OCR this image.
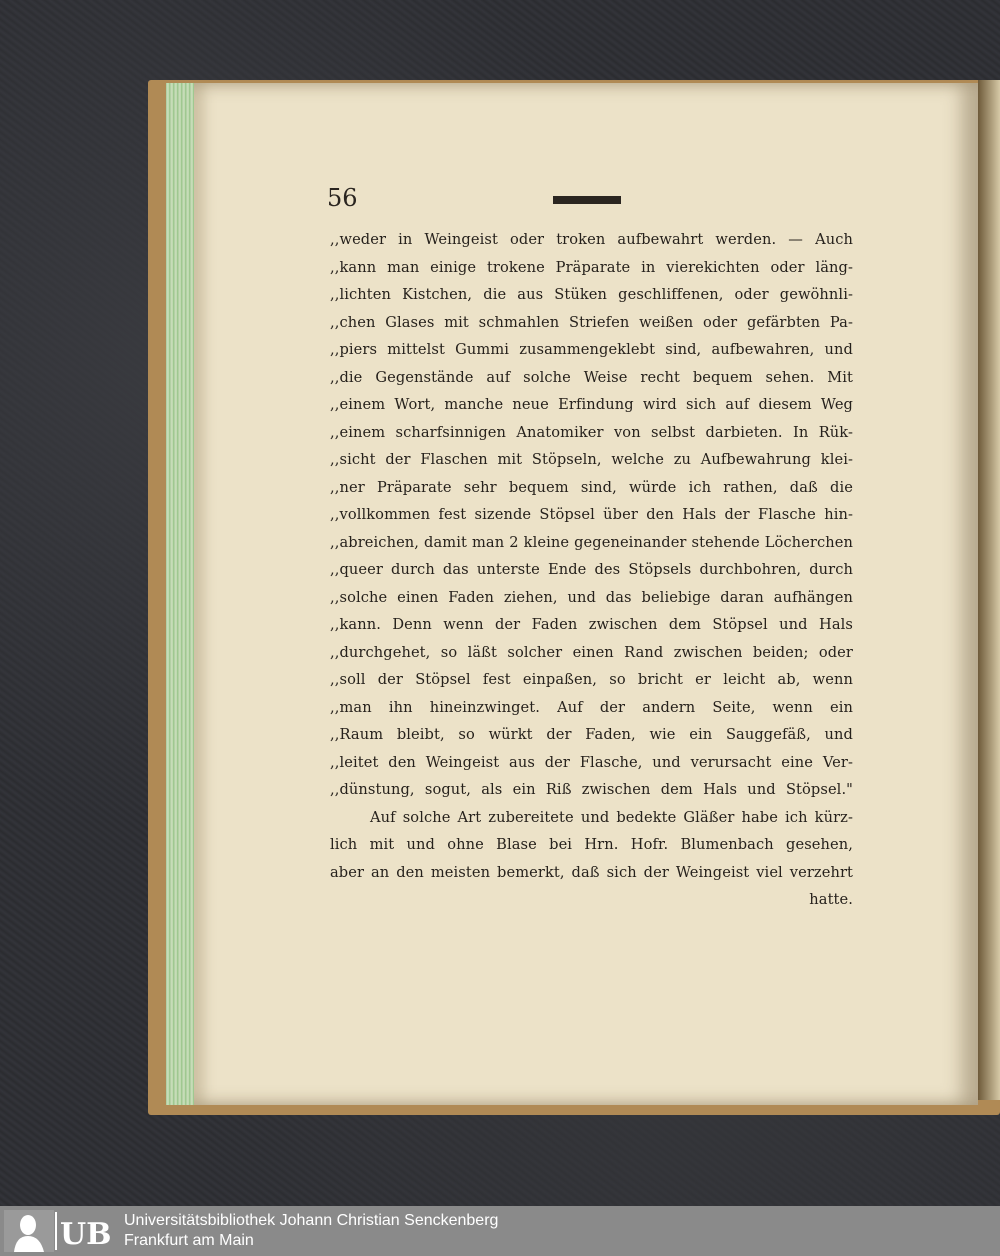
56
,,weder in Weingeist oder troken aufbewahrt werden. — Auch
,,kann man einige trokene Präparate in vierekichten oder läng-
,,lichten Kistchen, die aus Stüken geschliffenen, oder gewöhnli-
,,chen Glases mit schmahlen Striefen weißen oder gefärbten Pa-
,,piers mittelst Gummi zusammengeklebt sind, aufbewahren, und
,,die Gegenstände auf solche Weise recht bequem sehen. Mit
,,einem Wort, manche neue Erfindung wird sich auf diesem Weg
,,einem scharfsinnigen Anatomiker von selbst darbieten. In Rük-
,,sicht der Flaschen mit Stöpseln, welche zu Aufbewahrung klei-
,,ner Präparate sehr bequem sind, würde ich rathen, daß die
,,vollkommen fest sizende Stöpsel über den Hals der Flasche hin-
,,abreichen, damit man 2 kleine gegeneinander stehende Löcherchen
,,queer durch das unterste Ende des Stöpsels durchbohren, durch
,,solche einen Faden ziehen, und das beliebige daran aufhängen
,,kann. Denn wenn der Faden zwischen dem Stöpsel und Hals
,,durchgehet, so läßt solcher einen Rand zwischen beiden; oder
,,soll der Stöpsel fest einpaßen, so bricht er leicht ab, wenn
,,man ihn hineinzwinget. Auf der andern Seite, wenn ein
,,Raum bleibt, so würkt der Faden, wie ein Sauggefäß, und
,,leitet den Weingeist aus der Flasche, und verursacht eine Ver-
,,dünstung, sogut, als ein Riß zwischen dem Hals und Stöpsel."
Auf solche Art zubereitete und bedekte Gläßer habe ich kürz-
lich mit und ohne Blase bei Hrn. Hofr. Blumenbach gesehen,
aber an den meisten bemerkt, daß sich der Weingeist viel verzehrt
hatte.
UB Universitätsbibliothek Johann Christian Senckenberg
Frankfurt am Main
